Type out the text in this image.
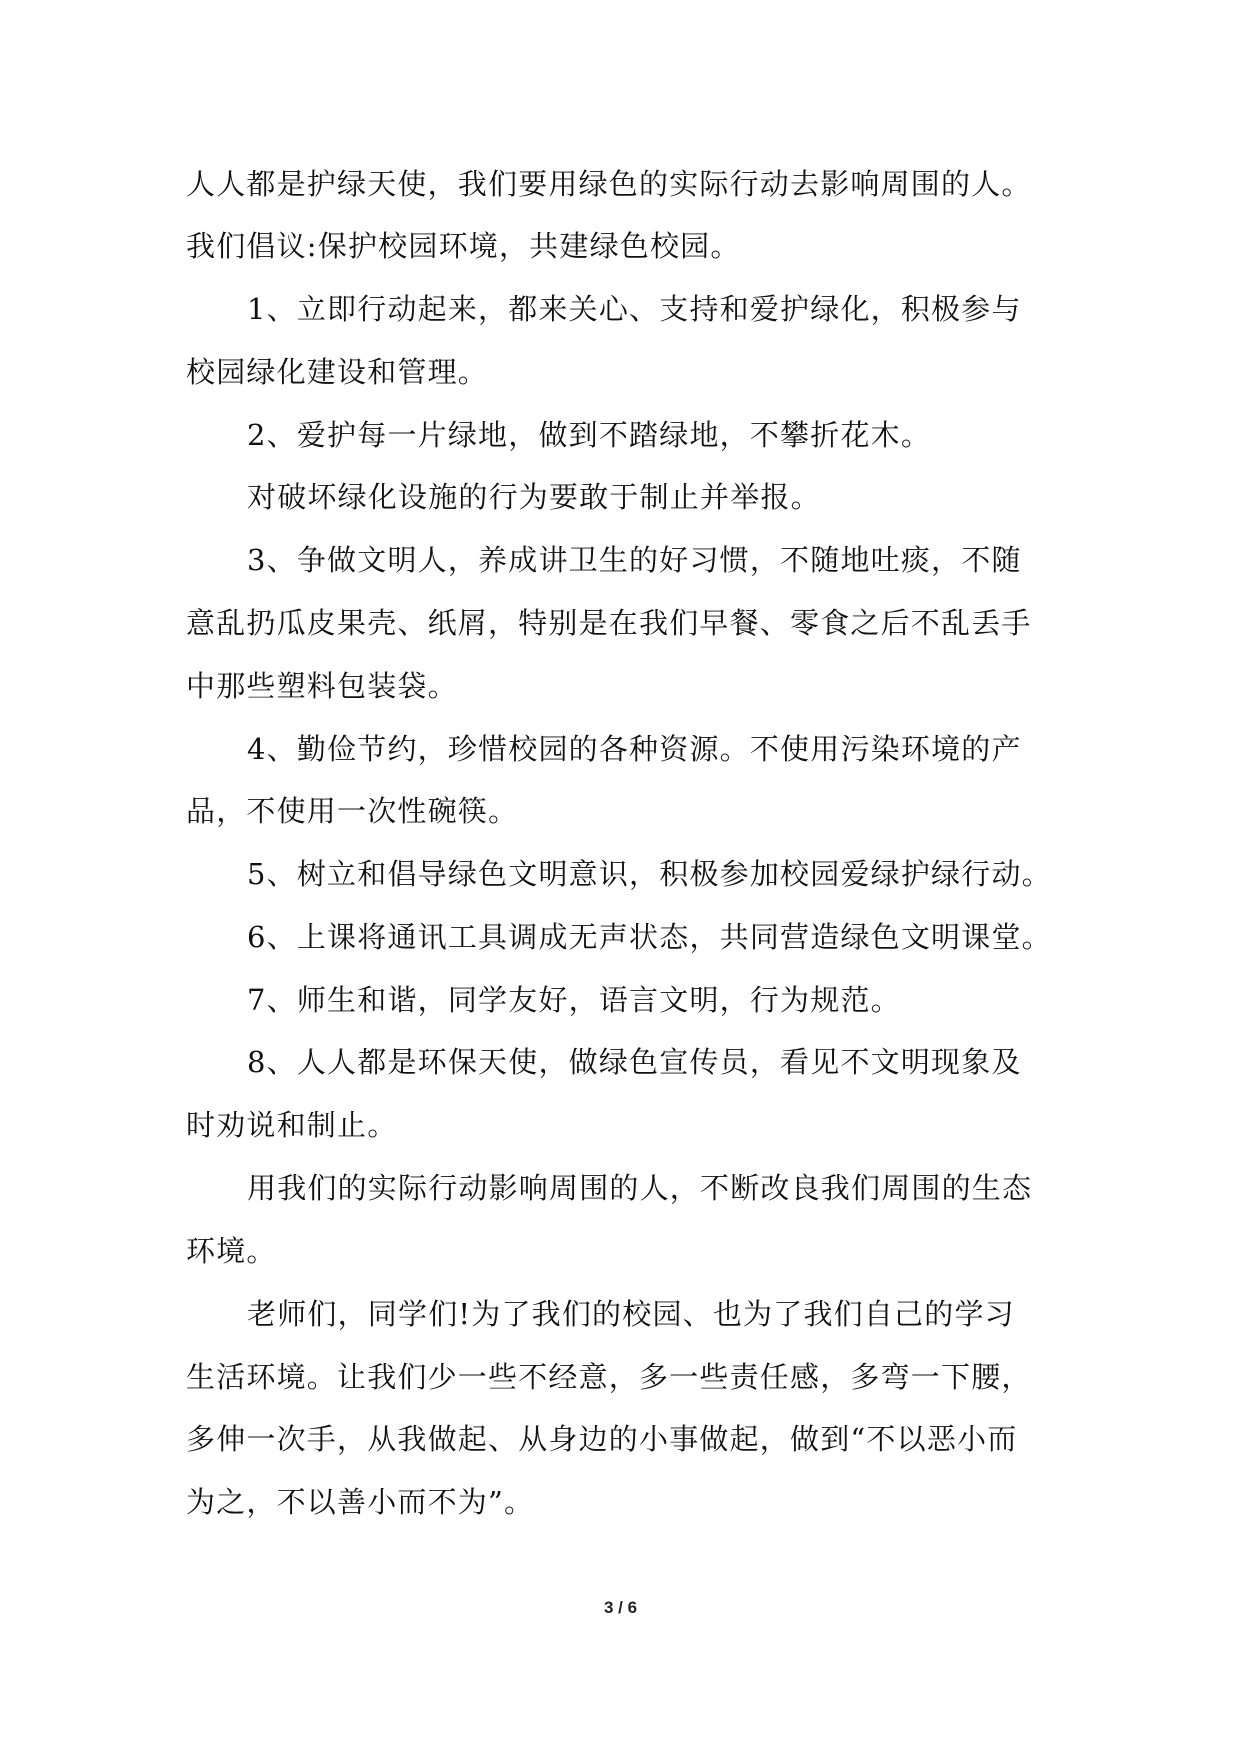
人人都是护绿天使，我们要用绿色的实际行动去影响周围的人。
我们倡议:保护校园环境，共建绿色校园。
1、立即行动起来，都来关心、支持和爱护绿化，积极参与
校园绿化建设和管理。
2、爱护每一片绿地，做到不踏绿地，不攀折花木。
对破坏绿化设施的行为要敢于制止并举报。
3、争做文明人，养成讲卫生的好习惯，不随地吐痰，不随
意乱扔瓜皮果壳、纸屑，特别是在我们早餐、零食之后不乱丢手
中那些塑料包装袋。
4、勤俭节约，珍惜校园的各种资源。不使用污染环境的产
品，不使用一次性碗筷。
5、树立和倡导绿色文明意识，积极参加校园爱绿护绿行动。
6、上课将通讯工具调成无声状态，共同营造绿色文明课堂。
7、师生和谐，同学友好，语言文明，行为规范。
8、人人都是环保天使，做绿色宣传员，看见不文明现象及
时劝说和制止。
用我们的实际行动影响周围的人，不断改良我们周围的生态
环境。
老师们，同学们!为了我们的校园、也为了我们自己的学习
生活环境。让我们少一些不经意，多一些责任感，多弯一下腰，
多伸一次手，从我做起、从身边的小事做起，做到“不以恶小而
为之，不以善小而不为”。
3 / 6
